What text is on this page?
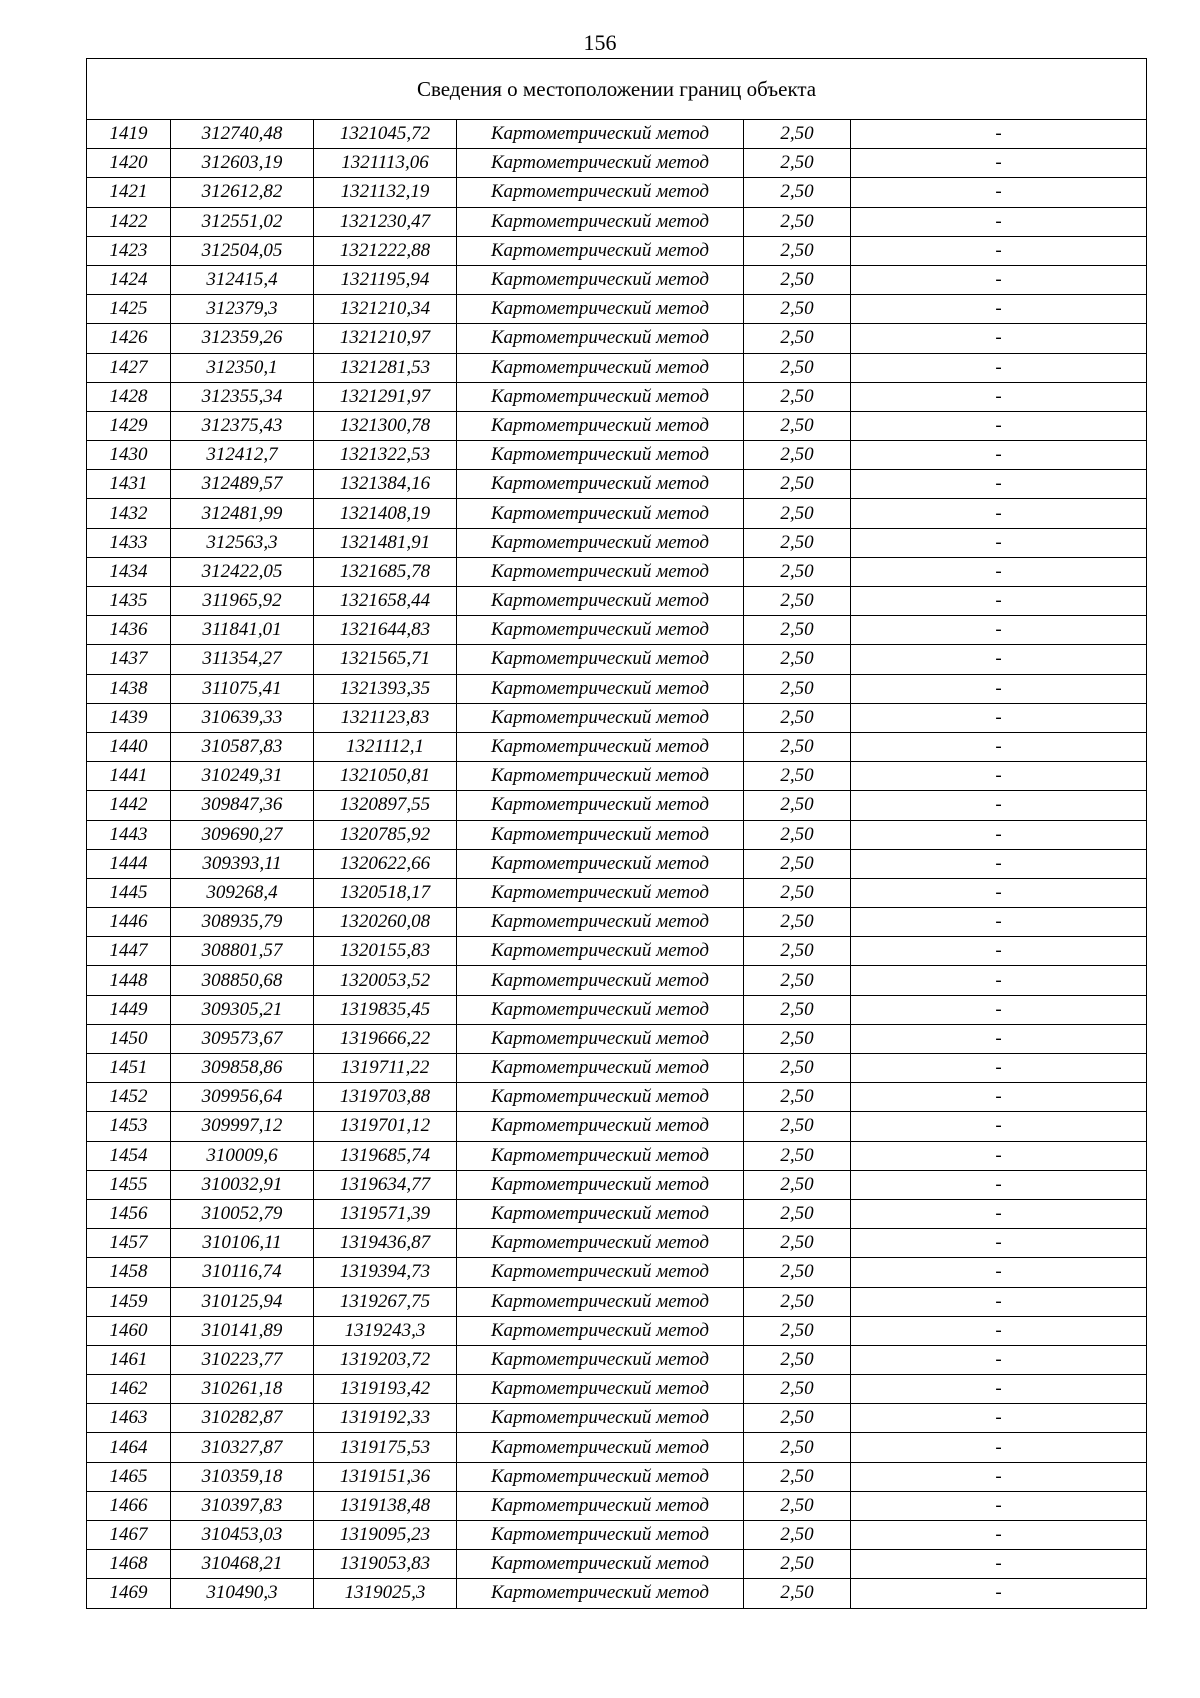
156
Сведения о местоположении границ объекта					
1419	312740,48	1321045,72	Картометрический метод	2,50	-
1420	312603,19	1321113,06	Картометрический метод	2,50	-
1421	312612,82	1321132,19	Картометрический метод	2,50	-
1422	312551,02	1321230,47	Картометрический метод	2,50	-
1423	312504,05	1321222,88	Картометрический метод	2,50	-
1424	312415,4	1321195,94	Картометрический метод	2,50	-
1425	312379,3	1321210,34	Картометрический метод	2,50	-
1426	312359,26	1321210,97	Картометрический метод	2,50	-
1427	312350,1	1321281,53	Картометрический метод	2,50	-
1428	312355,34	1321291,97	Картометрический метод	2,50	-
1429	312375,43	1321300,78	Картометрический метод	2,50	-
1430	312412,7	1321322,53	Картометрический метод	2,50	-
1431	312489,57	1321384,16	Картометрический метод	2,50	-
1432	312481,99	1321408,19	Картометрический метод	2,50	-
1433	312563,3	1321481,91	Картометрический метод	2,50	-
1434	312422,05	1321685,78	Картометрический метод	2,50	-
1435	311965,92	1321658,44	Картометрический метод	2,50	-
1436	311841,01	1321644,83	Картометрический метод	2,50	-
1437	311354,27	1321565,71	Картометрический метод	2,50	-
1438	311075,41	1321393,35	Картометрический метод	2,50	-
1439	310639,33	1321123,83	Картометрический метод	2,50	-
1440	310587,83	1321112,1	Картометрический метод	2,50	-
1441	310249,31	1321050,81	Картометрический метод	2,50	-
1442	309847,36	1320897,55	Картометрический метод	2,50	-
1443	309690,27	1320785,92	Картометрический метод	2,50	-
1444	309393,11	1320622,66	Картометрический метод	2,50	-
1445	309268,4	1320518,17	Картометрический метод	2,50	-
1446	308935,79	1320260,08	Картометрический метод	2,50	-
1447	308801,57	1320155,83	Картометрический метод	2,50	-
1448	308850,68	1320053,52	Картометрический метод	2,50	-
1449	309305,21	1319835,45	Картометрический метод	2,50	-
1450	309573,67	1319666,22	Картометрический метод	2,50	-
1451	309858,86	1319711,22	Картометрический метод	2,50	-
1452	309956,64	1319703,88	Картометрический метод	2,50	-
1453	309997,12	1319701,12	Картометрический метод	2,50	-
1454	310009,6	1319685,74	Картометрический метод	2,50	-
1455	310032,91	1319634,77	Картометрический метод	2,50	-
1456	310052,79	1319571,39	Картометрический метод	2,50	-
1457	310106,11	1319436,87	Картометрический метод	2,50	-
1458	310116,74	1319394,73	Картометрический метод	2,50	-
1459	310125,94	1319267,75	Картометрический метод	2,50	-
1460	310141,89	1319243,3	Картометрический метод	2,50	-
1461	310223,77	1319203,72	Картометрический метод	2,50	-
1462	310261,18	1319193,42	Картометрический метод	2,50	-
1463	310282,87	1319192,33	Картометрический метод	2,50	-
1464	310327,87	1319175,53	Картометрический метод	2,50	-
1465	310359,18	1319151,36	Картометрический метод	2,50	-
1466	310397,83	1319138,48	Картометрический метод	2,50	-
1467	310453,03	1319095,23	Картометрический метод	2,50	-
1468	310468,21	1319053,83	Картометрический метод	2,50	-
1469	310490,3	1319025,3	Картометрический метод	2,50	-
